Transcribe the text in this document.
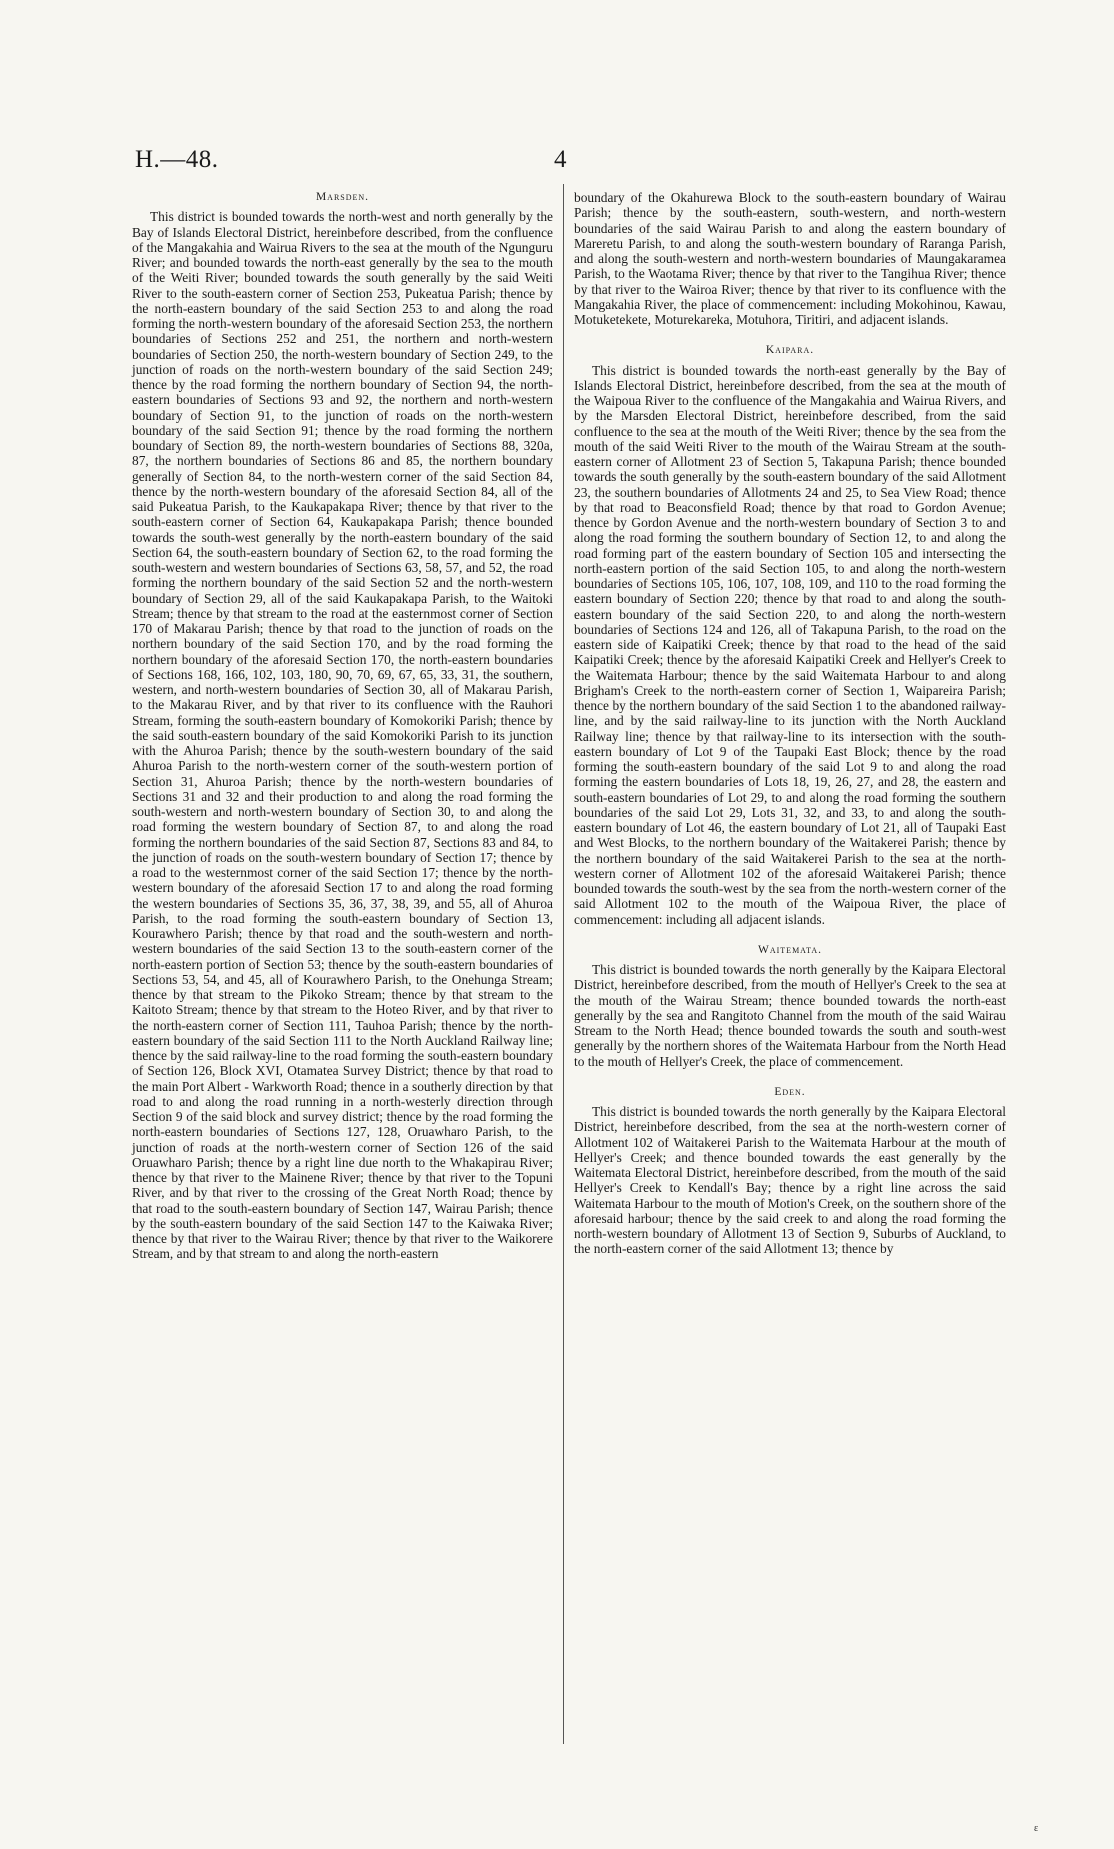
H.—48.	4
Marsden.

This district is bounded towards the north-west and north generally by the Bay of Islands Electoral District, hereinbefore described, from the confluence of the Mangakahia and Wairua Rivers to the sea at the mouth of the Ngunguru River; and bounded towards the north-east generally by the sea to the mouth of the Weiti River; bounded towards the south generally by the said Weiti River to the south-eastern corner of Section 253, Pukeatua Parish; thence by the north-eastern boundary of the said Section 253 to and along the road forming the north-western boundary of the aforesaid Section 253, the northern boundaries of Sections 252 and 251, the northern and north-western boundaries of Section 250, the north-western boundary of Section 249, to the junction of roads on the north-western boundary of the said Section 249; thence by the road forming the northern boundary of Section 94, the north-eastern boundaries of Sections 93 and 92, the northern and north-western boundary of Section 91, to the junction of roads on the north-western boundary of the said Section 91; thence by the road forming the northern boundary of Section 89, the north-western boundaries of Sections 88, 320a, 87, the northern boundaries of Sections 86 and 85, the northern boundary generally of Section 84, to the north-western corner of the said Section 84, thence by the north-western boundary of the aforesaid Section 84, all of the said Pukeatua Parish, to the Kaukapakapa River; thence by that river to the south-eastern corner of Section 64, Kaukapakapa Parish; thence bounded towards the south-west generally by the north-eastern boundary of the said Section 64, the south-eastern boundary of Section 62, to the road forming the south-western and western boundaries of Sections 63, 58, 57, and 52, the road forming the northern boundary of the said Section 52 and the north-western boundary of Section 29, all of the said Kaukapakapa Parish, to the Waitoki Stream; thence by that stream to the road at the easternmost corner of Section 170 of Makarau Parish; thence by that road to the junction of roads on the northern boundary of the said Section 170, and by the road forming the northern boundary of the aforesaid Section 170, the north-eastern boundaries of Sections 168, 166, 102, 103, 180, 90, 70, 69, 67, 65, 33, 31, the southern, western, and north-western boundaries of Section 30, all of Makarau Parish, to the Makarau River, and by that river to its confluence with the Rauhori Stream, forming the south-eastern boundary of Komokoriki Parish; thence by the said south-eastern boundary of the said Komokoriki Parish to its junction with the Ahuroa Parish; thence by the south-western boundary of the said Ahuroa Parish to the north-western corner of the south-western portion of Section 31, Ahuroa Parish; thence by the north-western boundaries of Sections 31 and 32 and their production to and along the road forming the south-western and north-western boundary of Section 30, to and along the road forming the western boundary of Section 87, to and along the road forming the northern boundaries of the said Section 87, Sections 83 and 84, to the junction of roads on the south-western boundary of Section 17; thence by a road to the westernmost corner of the said Section 17; thence by the north-western boundary of the aforesaid Section 17 to and along the road forming the western boundaries of Sections 35, 36, 37, 38, 39, and 55, all of Ahuroa Parish, to the road forming the south-eastern boundary of Section 13, Kourawhero Parish; thence by that road and the south-western and north-western boundaries of the said Section 13 to the south-eastern corner of the north-eastern portion of Section 53; thence by the south-eastern boundaries of Sections 53, 54, and 45, all of Kourawhero Parish, to the Onehunga Stream; thence by that stream to the Pikoko Stream; thence by that stream to the Kaitoto Stream; thence by that stream to the Hoteo River, and by that river to the north-eastern corner of Section 111, Tauhoa Parish; thence by the north-eastern boundary of the said Section 111 to the North Auckland Railway line; thence by the said railway-line to the road forming the south-eastern boundary of Section 126, Block XVI, Otamatea Survey District; thence by that road to the main Port Albert - Warkworth Road; thence in a southerly direction by that road to and along the road running in a north-westerly direction through Section 9 of the said block and survey district; thence by the road forming the north-eastern boundaries of Sections 127, 128, Oruawharo Parish, to the junction of roads at the north-western corner of Section 126 of the said Oruawharo Parish; thence by a right line due north to the Whakapirau River; thence by that river to the Mainene River; thence by that river to the Topuni River, and by that river to the crossing of the Great North Road; thence by that road to the south-eastern boundary of Section 147, Wairau Parish; thence by the south-eastern boundary of the said Section 147 to the Kaiwaka River; thence by that river to the Wairau River; thence by that river to the Waikorere Stream, and by that stream to and along the north-eastern

boundary of the Okahurewa Block to the south-eastern boundary of Wairau Parish; thence by the south-eastern, south-western, and north-western boundaries of the said Wairau Parish to and along the eastern boundary of Mareretu Parish, to and along the south-western boundary of Raranga Parish, and along the south-western and north-western boundaries of Maungakaramea Parish, to the Waotama River; thence by that river to the Tangihua River; thence by that river to the Wairoa River; thence by that river to its confluence with the Mangakahia River, the place of commencement: including Mokohinou, Kawau, Motuketekete, Moturekareka, Motuhora, Tiritiri, and adjacent islands.

Kaipara.

This district is bounded towards the north-east generally by the Bay of Islands Electoral District, hereinbefore described, from the sea at the mouth of the Waipoua River to the confluence of the Mangakahia and Wairua Rivers, and by the Marsden Electoral District, hereinbefore described, from the said confluence to the sea at the mouth of the Weiti River; thence by the sea from the mouth of the said Weiti River to the mouth of the Wairau Stream at the south-eastern corner of Allotment 23 of Section 5, Takapuna Parish; thence bounded towards the south generally by the south-eastern boundary of the said Allotment 23, the southern boundaries of Allotments 24 and 25, to Sea View Road; thence by that road to Beaconsfield Road; thence by that road to Gordon Avenue; thence by Gordon Avenue and the north-western boundary of Section 3 to and along the road forming the southern boundary of Section 12, to and along the road forming part of the eastern boundary of Section 105 and intersecting the north-eastern portion of the said Section 105, to and along the north-western boundaries of Sections 105, 106, 107, 108, 109, and 110 to the road forming the eastern boundary of Section 220; thence by that road to and along the south-eastern boundary of the said Section 220, to and along the north-western boundaries of Sections 124 and 126, all of Takapuna Parish, to the road on the eastern side of Kaipatiki Creek; thence by that road to the head of the said Kaipatiki Creek; thence by the aforesaid Kaipatiki Creek and Hellyer's Creek to the Waitemata Harbour; thence by the said Waitemata Harbour to and along Brigham's Creek to the north-eastern corner of Section 1, Waipareira Parish; thence by the northern boundary of the said Section 1 to the abandoned railway-line, and by the said railway-line to its junction with the North Auckland Railway line; thence by that railway-line to its intersection with the south-eastern boundary of Lot 9 of the Taupaki East Block; thence by the road forming the south-eastern boundary of the said Lot 9 to and along the road forming the eastern boundaries of Lots 18, 19, 26, 27, and 28, the eastern and south-eastern boundaries of Lot 29, to and along the road forming the southern boundaries of the said Lot 29, Lots 31, 32, and 33, to and along the south-eastern boundary of Lot 46, the eastern boundary of Lot 21, all of Taupaki East and West Blocks, to the northern boundary of the Waitakerei Parish; thence by the northern boundary of the said Waitakerei Parish to the sea at the north-western corner of Allotment 102 of the aforesaid Waitakerei Parish; thence bounded towards the south-west by the sea from the north-western corner of the said Allotment 102 to the mouth of the Waipoua River, the place of commencement: including all adjacent islands.

Waitemata.

This district is bounded towards the north generally by the Kaipara Electoral District, hereinbefore described, from the mouth of Hellyer's Creek to the sea at the mouth of the Wairau Stream; thence bounded towards the north-east generally by the sea and Rangitoto Channel from the mouth of the said Wairau Stream to the North Head; thence bounded towards the south and south-west generally by the northern shores of the Waitemata Harbour from the North Head to the mouth of Hellyer's Creek, the place of commencement.

Eden.

This district is bounded towards the north generally by the Kaipara Electoral District, hereinbefore described, from the sea at the north-western corner of Allotment 102 of Waitakerei Parish to the Waitemata Harbour at the mouth of Hellyer's Creek; and thence bounded towards the east generally by the Waitemata Electoral District, hereinbefore described, from the mouth of the said Hellyer's Creek to Kendall's Bay; thence by a right line across the said Waitemata Harbour to the mouth of Motion's Creek, on the southern shore of the aforesaid harbour; thence by the said creek to and along the road forming the north-western boundary of Allotment 13 of Section 9, Suburbs of Auckland, to the north-eastern corner of the said Allotment 13; thence by

ε
